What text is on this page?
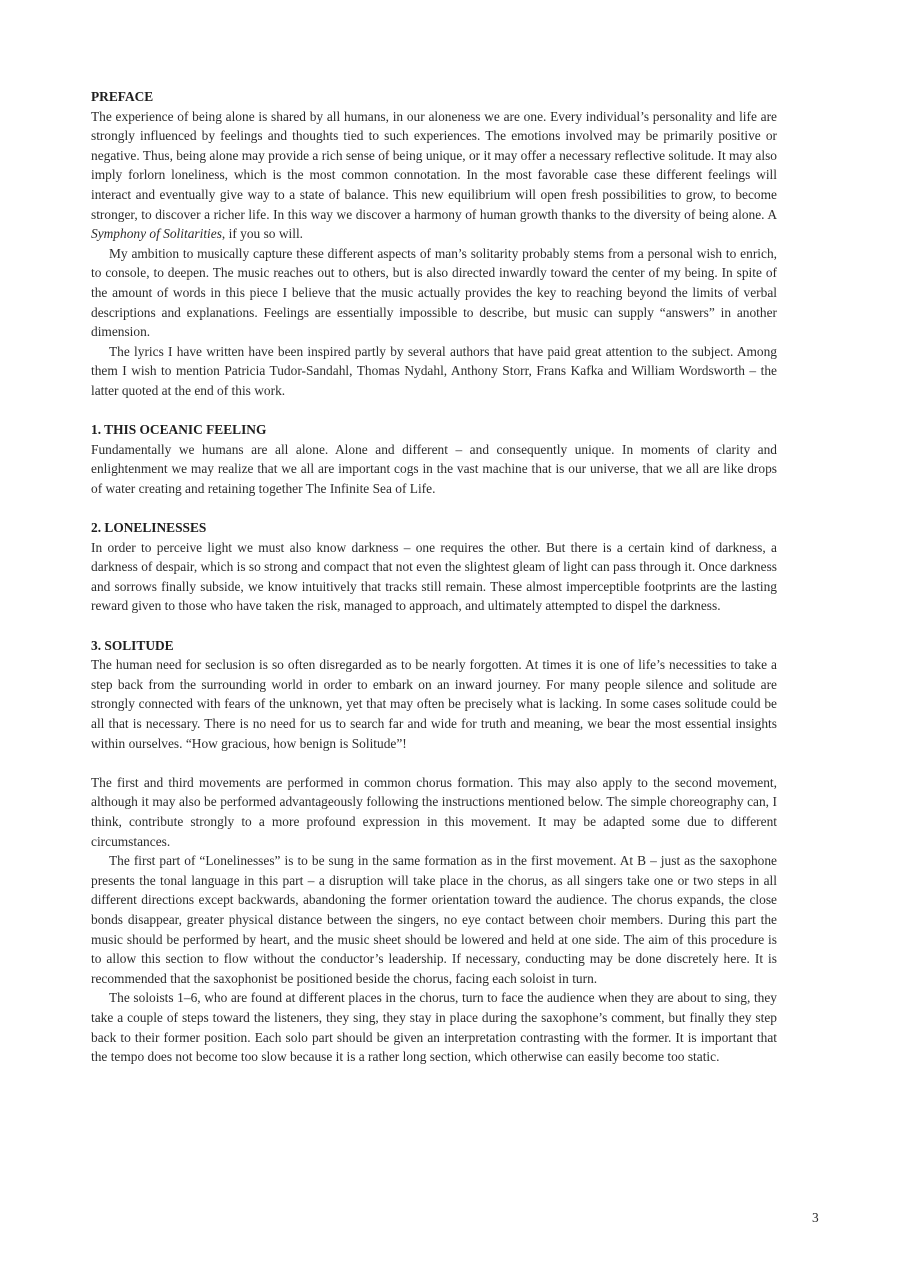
PREFACE

The experience of being alone is shared by all humans, in our aloneness we are one. Every individual’s personality and life are strongly influenced by feelings and thoughts tied to such experiences. The emotions involved may be primarily positive or negative. Thus, being alone may provide a rich sense of being unique, or it may offer a necessary reflective solitude. It may also imply forlorn loneliness, which is the most common connotation. In the most favorable case these different feelings will interact and eventually give way to a state of balance. This new equilibrium will open fresh possibilities to grow, to become stronger, to discover a richer life. In this way we discover a harmony of human growth thanks to the diversity of being alone. A Symphony of Solitarities, if you so will.

My ambition to musically capture these different aspects of man’s solitarity probably stems from a personal wish to enrich, to console, to deepen. The music reaches out to others, but is also directed inwardly toward the center of my being. In spite of the amount of words in this piece I believe that the music actually provides the key to reaching beyond the limits of verbal descriptions and explanations. Feelings are essentially impossible to describe, but music can supply “answers” in another dimension.

The lyrics I have written have been inspired partly by several authors that have paid great attention to the subject. Among them I wish to mention Patricia Tudor-Sandahl, Thomas Nydahl, Anthony Storr, Frans Kafka and William Wordsworth – the latter quoted at the end of this work.

1. THIS OCEANIC FEELING

Fundamentally we humans are all alone. Alone and different – and consequently unique. In moments of clarity and enlightenment we may realize that we all are important cogs in the vast machine that is our universe, that we all are like drops of water creating and retaining together The Infinite Sea of Life.

2. LONELINESSES

In order to perceive light we must also know darkness – one requires the other. But there is a certain kind of darkness, a darkness of despair, which is so strong and compact that not even the slightest gleam of light can pass through it. Once darkness and sorrows finally subside, we know intuitively that tracks still remain. These almost imperceptible footprints are the lasting reward given to those who have taken the risk, managed to approach, and ultimately attempted to dispel the darkness.

3. SOLITUDE

The human need for seclusion is so often disregarded as to be nearly forgotten. At times it is one of life’s necessities to take a step back from the surrounding world in order to embark on an inward journey. For many people silence and solitude are strongly connected with fears of the unknown, yet that may often be precisely what is lacking. In some cases solitude could be all that is necessary. There is no need for us to search far and wide for truth and meaning, we bear the most essential insights within ourselves. “How gracious, how benign is Solitude”!

The first and third movements are performed in common chorus formation. This may also apply to the second movement, although it may also be performed advantageously following the instructions mentioned below. The simple choreography can, I think, contribute strongly to a more profound expression in this movement. It may be adapted some due to different circumstances.

The first part of “Lonelinesses” is to be sung in the same formation as in the first movement. At B – just as the saxophone presents the tonal language in this part – a disruption will take place in the chorus, as all singers take one or two steps in all different directions except backwards, abandoning the former orientation toward the audience. The chorus expands, the close bonds disappear, greater physical distance between the singers, no eye contact between choir members. During this part the music should be performed by heart, and the music sheet should be lowered and held at one side. The aim of this procedure is to allow this section to flow without the conductor’s leadership. If necessary, conducting may be done discretely here. It is recommended that the saxophonist be positioned beside the chorus, facing each soloist in turn.

The soloists 1–6, who are found at different places in the chorus, turn to face the audience when they are about to sing, they take a couple of steps toward the listeners, they sing, they stay in place during the saxophone’s comment, but finally they step back to their former position. Each solo part should be given an interpretation contrasting with the former. It is important that the tempo does not become too slow because it is a rather long section, which otherwise can easily become too static.

3
